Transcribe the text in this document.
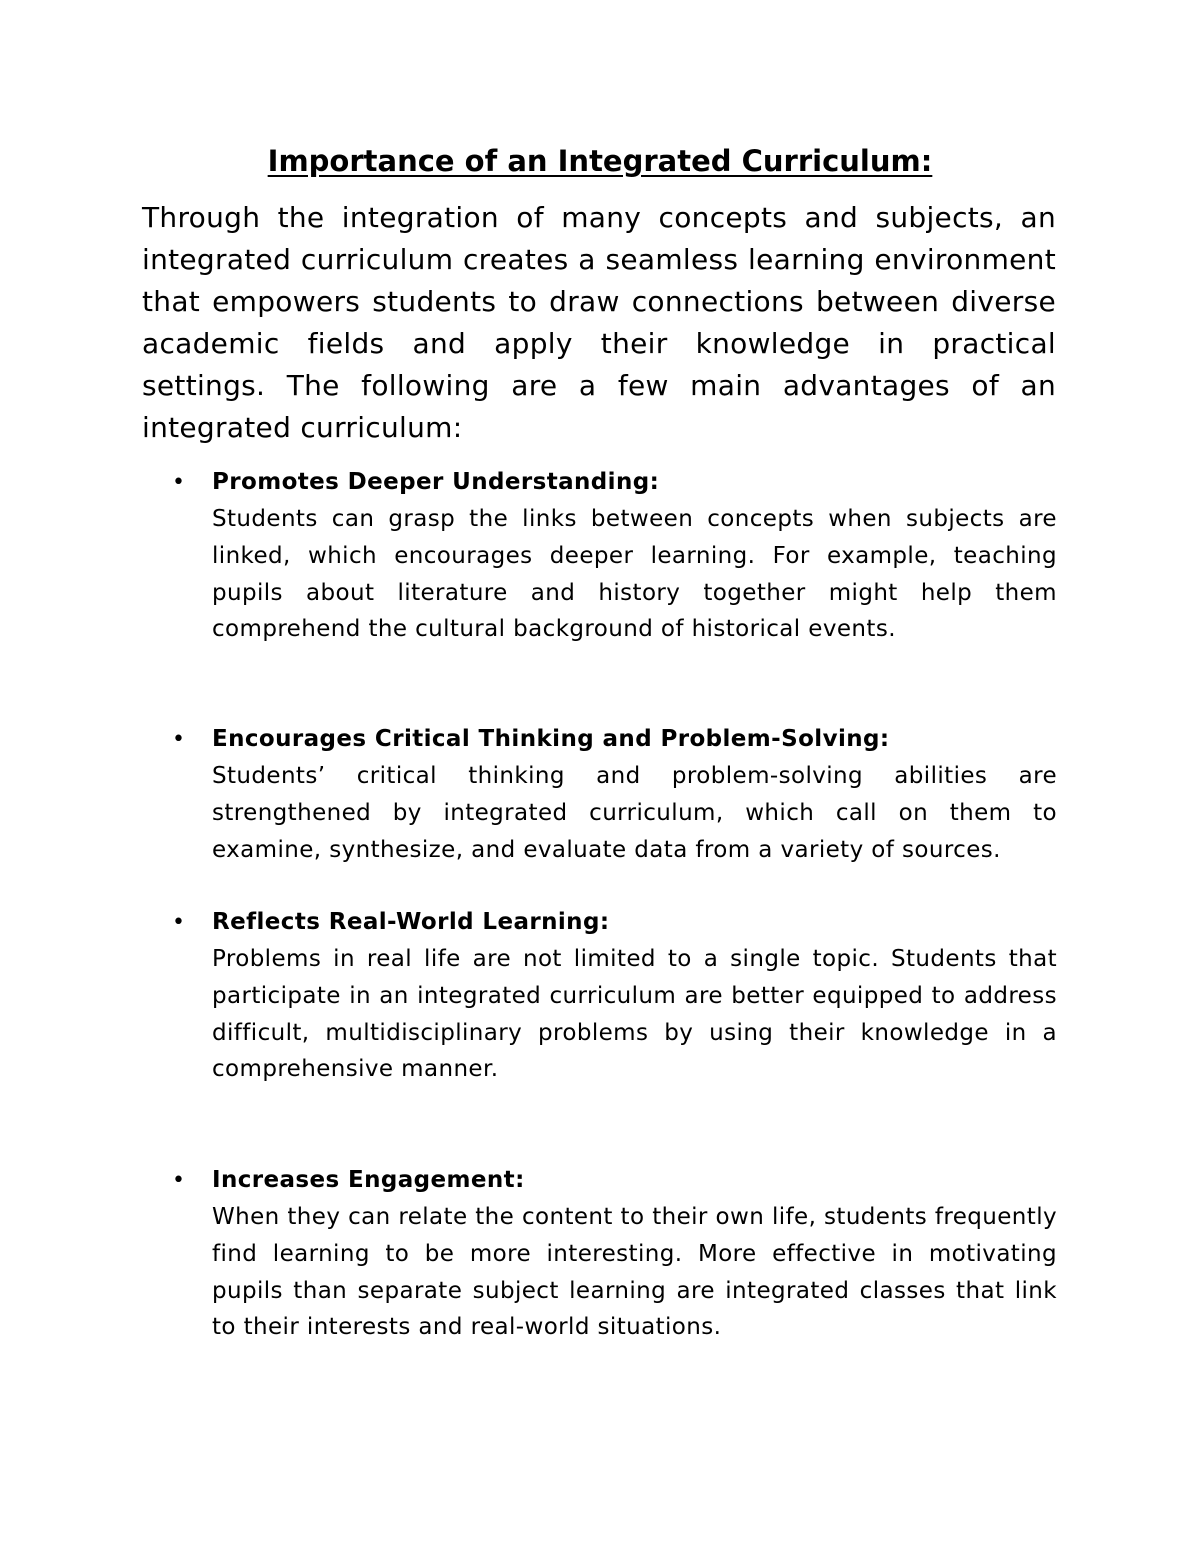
Importance of an Integrated Curriculum:

Through the integration of many concepts and subjects, an integrated curriculum creates a seamless learning environment that empowers students to draw connections between diverse academic fields and apply their knowledge in practical settings. The following are a few main advantages of an integrated curriculum:

• Promotes Deeper Understanding:
Students can grasp the links between concepts when subjects are linked, which encourages deeper learning. For example, teaching pupils about literature and history together might help them comprehend the cultural background of historical events.
• Encourages Critical Thinking and Problem-Solving:
Students’ critical thinking and problem-solving abilities are strengthened by integrated curriculum, which call on them to examine, synthesize, and evaluate data from a variety of sources.
• Reflects Real-World Learning:
Problems in real life are not limited to a single topic. Students that participate in an integrated curriculum are better equipped to address difficult, multidisciplinary problems by using their knowledge in a comprehensive manner.
• Increases Engagement:
When they can relate the content to their own life, students frequently find learning to be more interesting. More effective in motivating pupils than separate subject learning are integrated classes that link to their interests and real-world situations.
